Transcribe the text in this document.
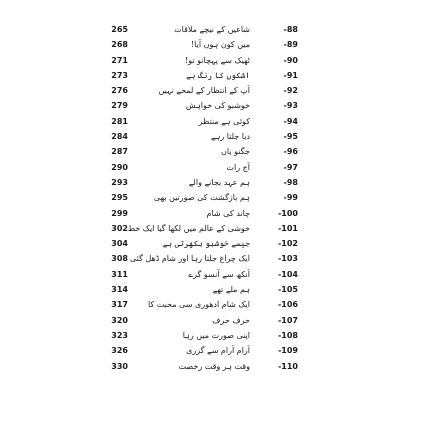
265	شاعیں کے نیچے ملاقات	-88
268	میں کون ہوں آیا!	-89
271	ٹھیک سے پہچانو تو!	-90
273	اشکوں کا رنگ ہے	-91
276	آپ کے انتظار کے لمحے نہیں	-92
279	خوشبو کی خواہش	-93
281	کوئی ہے منتظر	-94
284	دیا جلتا رہے	-95
287	جگنو یاں	-96
290	آج رات	-97
293	ہم عہد بجانے والے	-98
295	ہم بازگشت کی صورتیں بھی	-99
299	چاند کی شام	-100
302 خوشی کے عالم میں لکھا گیا ایک خط	-101
304	جیسے خوشبو بکھرتی ہے	-102
308 ایک چراغ جلتا رہا اور شام ڈھل گئی	-103
311	آنکھ سے آنسو گرے	-104
314	ہم ملے تھے	-105
317	ایک شام ادھوری سی محبت کا	-106
320	حرف حرف	-107
323	اپنی صورت میں رہا	-108
326	آرام آرام سے گزری	-109
330	وقت ہر وقت رخصت	-110
